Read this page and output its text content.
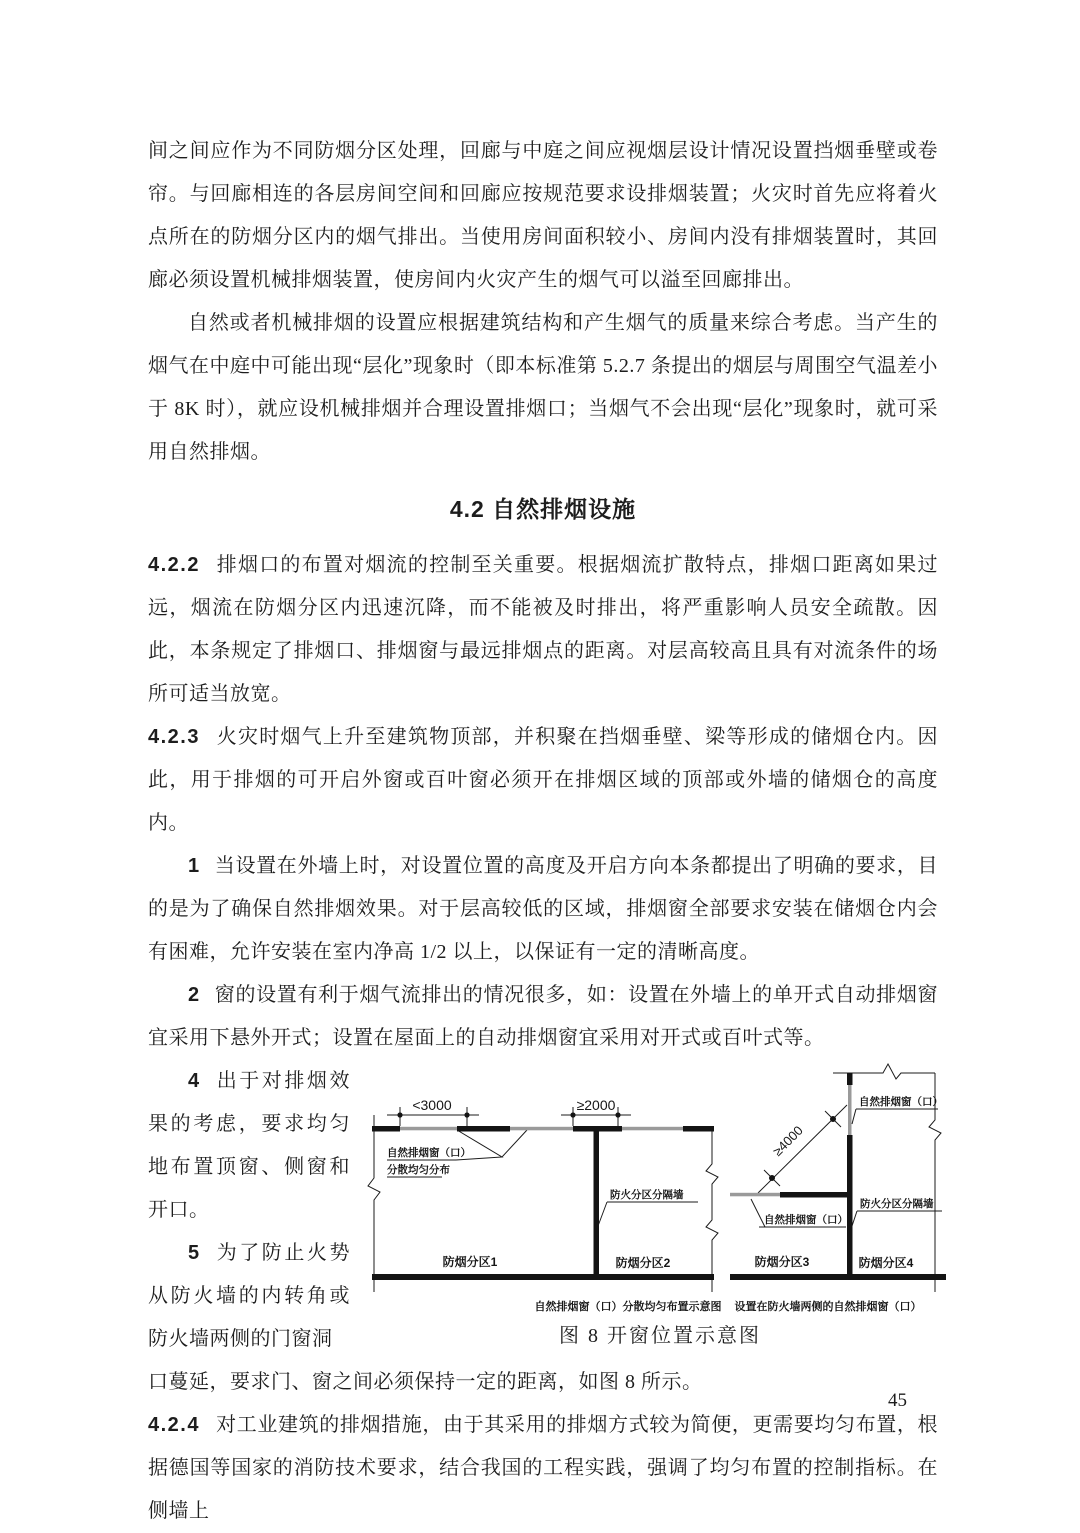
间之间应作为不同防烟分区处理，回廊与中庭之间应视烟层设计情况设置挡烟垂壁或卷帘。与回廊相连的各层房间空间和回廊应按规范要求设排烟装置；火灾时首先应将着火点所在的防烟分区内的烟气排出。当使用房间面积较小、房间内没有排烟装置时，其回廊必须设置机械排烟装置，使房间内火灾产生的烟气可以溢至回廊排出。

自然或者机械排烟的设置应根据建筑结构和产生烟气的质量来综合考虑。当产生的烟气在中庭中可能出现“层化”现象时（即本标准第 5.2.7 条提出的烟层与周围空气温差小于 8K 时），就应设机械排烟并合理设置排烟口；当烟气不会出现“层化”现象时，就可采用自然排烟。

4.2 自然排烟设施

4.2.2 排烟口的布置对烟流的控制至关重要。根据烟流扩散特点，排烟口距离如果过远，烟流在防烟分区内迅速沉降，而不能被及时排出，将严重影响人员安全疏散。因此，本条规定了排烟口、排烟窗与最远排烟点的距离。对层高较高且具有对流条件的场所可适当放宽。

4.2.3 火灾时烟气上升至建筑物顶部，并积聚在挡烟垂壁、梁等形成的储烟仓内。因此，用于排烟的可开启外窗或百叶窗必须开在排烟区域的顶部或外墙的储烟仓的高度内。

1 当设置在外墙上时，对设置位置的高度及开启方向本条都提出了明确的要求，目的是为了确保自然排烟效果。对于层高较低的区域，排烟窗全部要求安装在储烟仓内会有困难，允许安装在室内净高 1/2 以上，以保证有一定的清晰高度。

2 窗的设置有利于烟气流排出的情况很多，如：设置在外墙上的单开式自动排烟窗宜采用下悬外开式；设置在屋面上的自动排烟窗宜采用对开式或百叶式等。

4 出于对排烟效果的考虑，要求均匀地布置顶窗、侧窗和开口。

5 为了防止火势从防火墙的内转角或防火墙两侧的门窗洞

<3000	≥2000
≥4000
自然排烟窗（口）
分散均匀分布
防火分区分隔墙
防烟分区1	防烟分区2
自然排烟窗（口）
自然排烟窗（口）
防火分区分隔墙
防烟分区3	防烟分区4
自然排烟窗（口）分散均匀布置示意图 设置在防火墙两侧的自然排烟窗（口）
图 8 开窗位置示意图

口蔓延，要求门、窗之间必须保持一定的距离，如图 8 所示。

4.2.4 对工业建筑的排烟措施，由于其采用的排烟方式较为简便，更需要均匀布置，根据德国等国家的消防技术要求，结合我国的工程实践，强调了均匀布置的控制指标。在侧墙上

45
